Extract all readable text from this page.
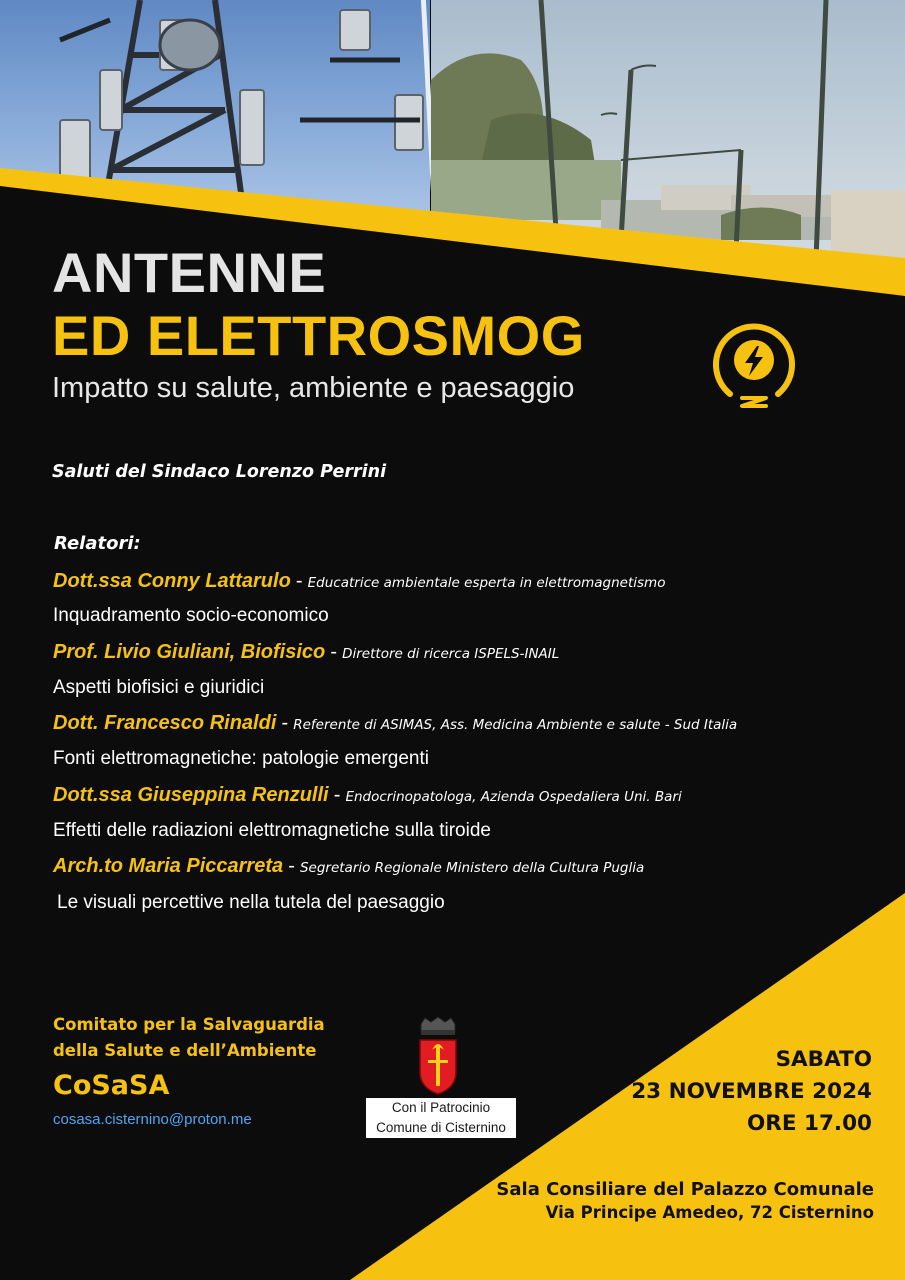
ANTENNE
ED ELETTROSMOG
Impatto su salute, ambiente e paesaggio

Saluti del Sindaco Lorenzo Perrini

Relatori:

Dott.ssa Conny Lattarulo - Educatrice ambientale esperta in elettromagnetismo
Inquadramento socio-economico
Prof. Livio Giuliani, Biofisico - Direttore di ricerca ISPELS-INAIL
Aspetti biofisici e giuridici
Dott. Francesco Rinaldi - Referente di ASIMAS, Ass. Medicina Ambiente e salute - Sud Italia
Fonti elettromagnetiche: patologie emergenti
Dott.ssa Giuseppina Renzulli - Endocrinopatologa, Azienda Ospedaliera Uni. Bari
Effetti delle radiazioni elettromagnetiche sulla tiroide
Arch.to Maria Piccarreta - Segretario Regionale Ministero della Cultura Puglia
Le visuali percettive nella tutela del paesaggio
Comitato per la Salvaguardia
della Salute e dell’Ambiente
CoSaSA
cosasa.cisternino@proton.me
Con il Patrocinio
Comune di Cisternino
SABATO
23 NOVEMBRE 2024
ORE 17.00
Sala Consiliare del Palazzo Comunale
Via Principe Amedeo, 72 Cisternino
